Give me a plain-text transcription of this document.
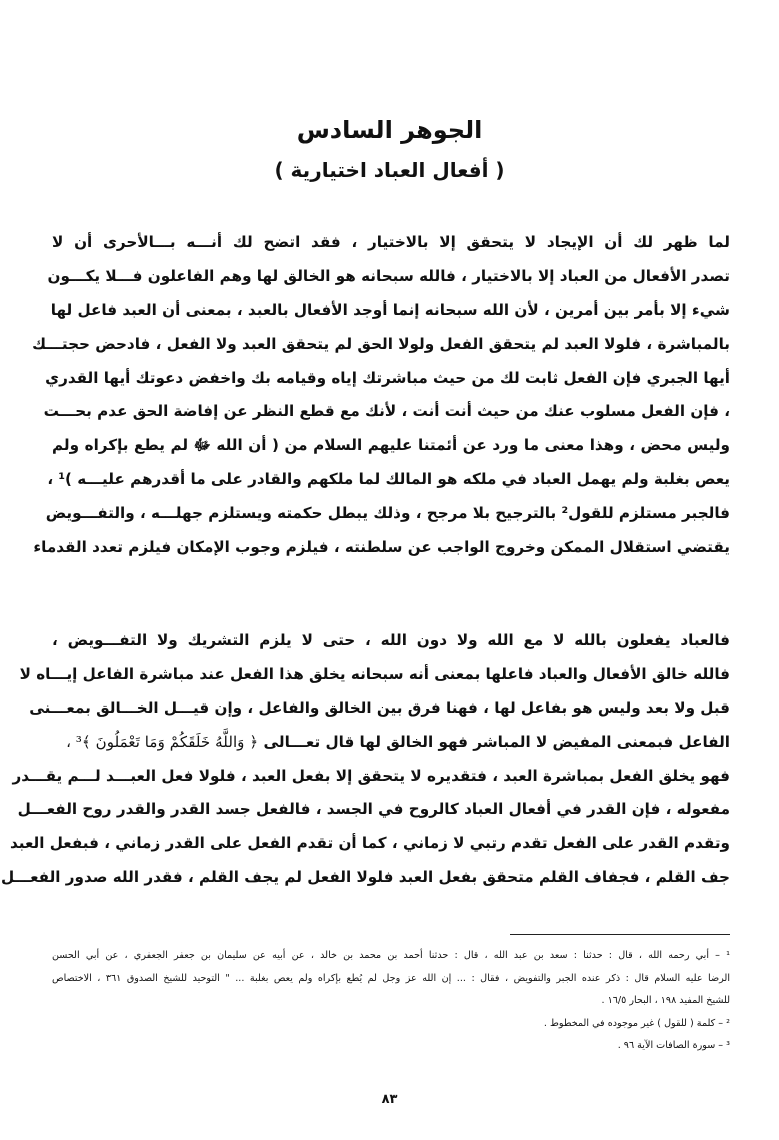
الجوهر السادس
( أفعال العباد اختيارية )
لما ظهر لك أن الإيجاد لا يتحقق إلا بالاختيار ، فقد اتضح لك أنـــه بـــالأحرى أن لا
تصدر الأفعال من العباد إلا بالاختيار ، فالله سبحانه هو الخالق لها وهم الفاعلون فـــلا يكـــون
شيء إلا بأمر بين أمرين ، لأن الله سبحانه إنما أوجد الأفعال بالعبد ، بمعنى أن العبد فاعل لها
بالمباشرة ، فلولا العبد لم يتحقق الفعل ولولا الحق لم يتحقق العبد ولا الفعل ، فادحض حجتـــك
أيها الجبري فإن الفعل ثابت لك من حيث مباشرتك إياه وقيامه بك واخفض دعوتك أيها القدري
، فإن الفعل مسلوب عنك من حيث أنت أنت ، لأنك مع قطع النظر عن إفاضة الحق عدم بحـــت
وليس محض ، وهذا معنى ما ورد عن أئمتنا عليهم السلام من ( أن الله ﷻ لم يطع بإكراه ولم
يعص بغلبة ولم يهمل العباد في ملكه هو المالك لما ملكهم والقادر على ما أقدرهم عليـــه )¹ ،
فالجبر مستلزم للقول² بالترجيح بلا مرجح ، وذلك يبطل حكمته ويستلزم جهلـــه ، والتفـــويض
يقتضي استقلال الممكن وخروج الواجب عن سلطنته ، فيلزم وجوب الإمكان فيلزم تعدد القدماء
فالعباد يفعلون بالله لا مع الله ولا دون الله ، حتى لا يلزم التشريك ولا التفـــويض ،
فالله خالق الأفعال والعباد فاعلها بمعنى أنه سبحانه يخلق هذا الفعل عند مباشرة الفاعل إيـــاه لا
قبل ولا بعد وليس هو بفاعل لها ، فهنا فرق بين الخالق والفاعل ، وإن قيـــل الخـــالق بمعـــنى
الفاعل فبمعنى المفيض لا المباشر فهو الخالق لها قال تعـــالى ﴿ وَاللَّهُ خَلَقَكُمْ وَمَا تَعْمَلُونَ ﴾³ ،
فهو يخلق الفعل بمباشرة العبد ، فتقديره لا يتحقق إلا بفعل العبد ، فلولا فعل العبـــد لـــم يقـــدر
مفعوله ، فإن القدر في أفعال العباد كالروح في الجسد ، فالفعل جسد القدر والقدر روح الفعـــل
وتقدم القدر على الفعل تقدم رتبي لا زماني ، كما أن تقدم الفعل على القدر زماني ، فبفعل العبد
جف القلم ، فجفاف القلم متحقق بفعل العبد فلولا الفعل لم يجف القلم ، فقدر الله صدور الفعـــل
¹ – أبي رحمه الله ، قال : حدثنا : سعد بن عبد الله ، قال : حدثنا أحمد بن محمد بن خالد ، عن أبيه عن سليمان بن جعفر الجعفري ، عن أبي الحسن
الرضا عليه السلام قال : ذكر عنده الجبر والتفويض ، فقال : ... إن الله عز وجل لم يُطع بإكراه ولم يعص بغلبة ... " التوحيد للشيخ الصدوق ٣٦١ ، الاختصاص
للشيخ المفيد ١٩٨ ، البحار ١٦/٥ .
² – كلمة ( للقول ) غير موجوده في المخطوط .
³ – سورة الصافات الآية ٩٦ .
٨٣
